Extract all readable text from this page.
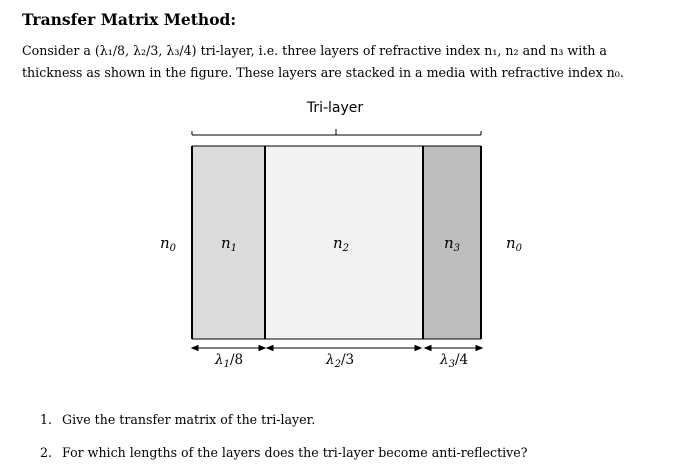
Transfer Matrix Method:
Consider a (λ₁/8, λ₂/3, λ₃/4) tri-layer, i.e. three layers of refractive index n₁, n₂ and n₃ with a
thickness as shown in the figure. These layers are stacked in a media with refractive index n₀.
Tri-layer
$n_0$	$n_1$	$n_2$	$n_3$	$n_0$
$\lambda_1/8$	$\lambda_2/3$	$\lambda_3/4$
1. Give the transfer matrix of the tri-layer.
2. For which lengths of the layers does the tri-layer become anti-reflective?
